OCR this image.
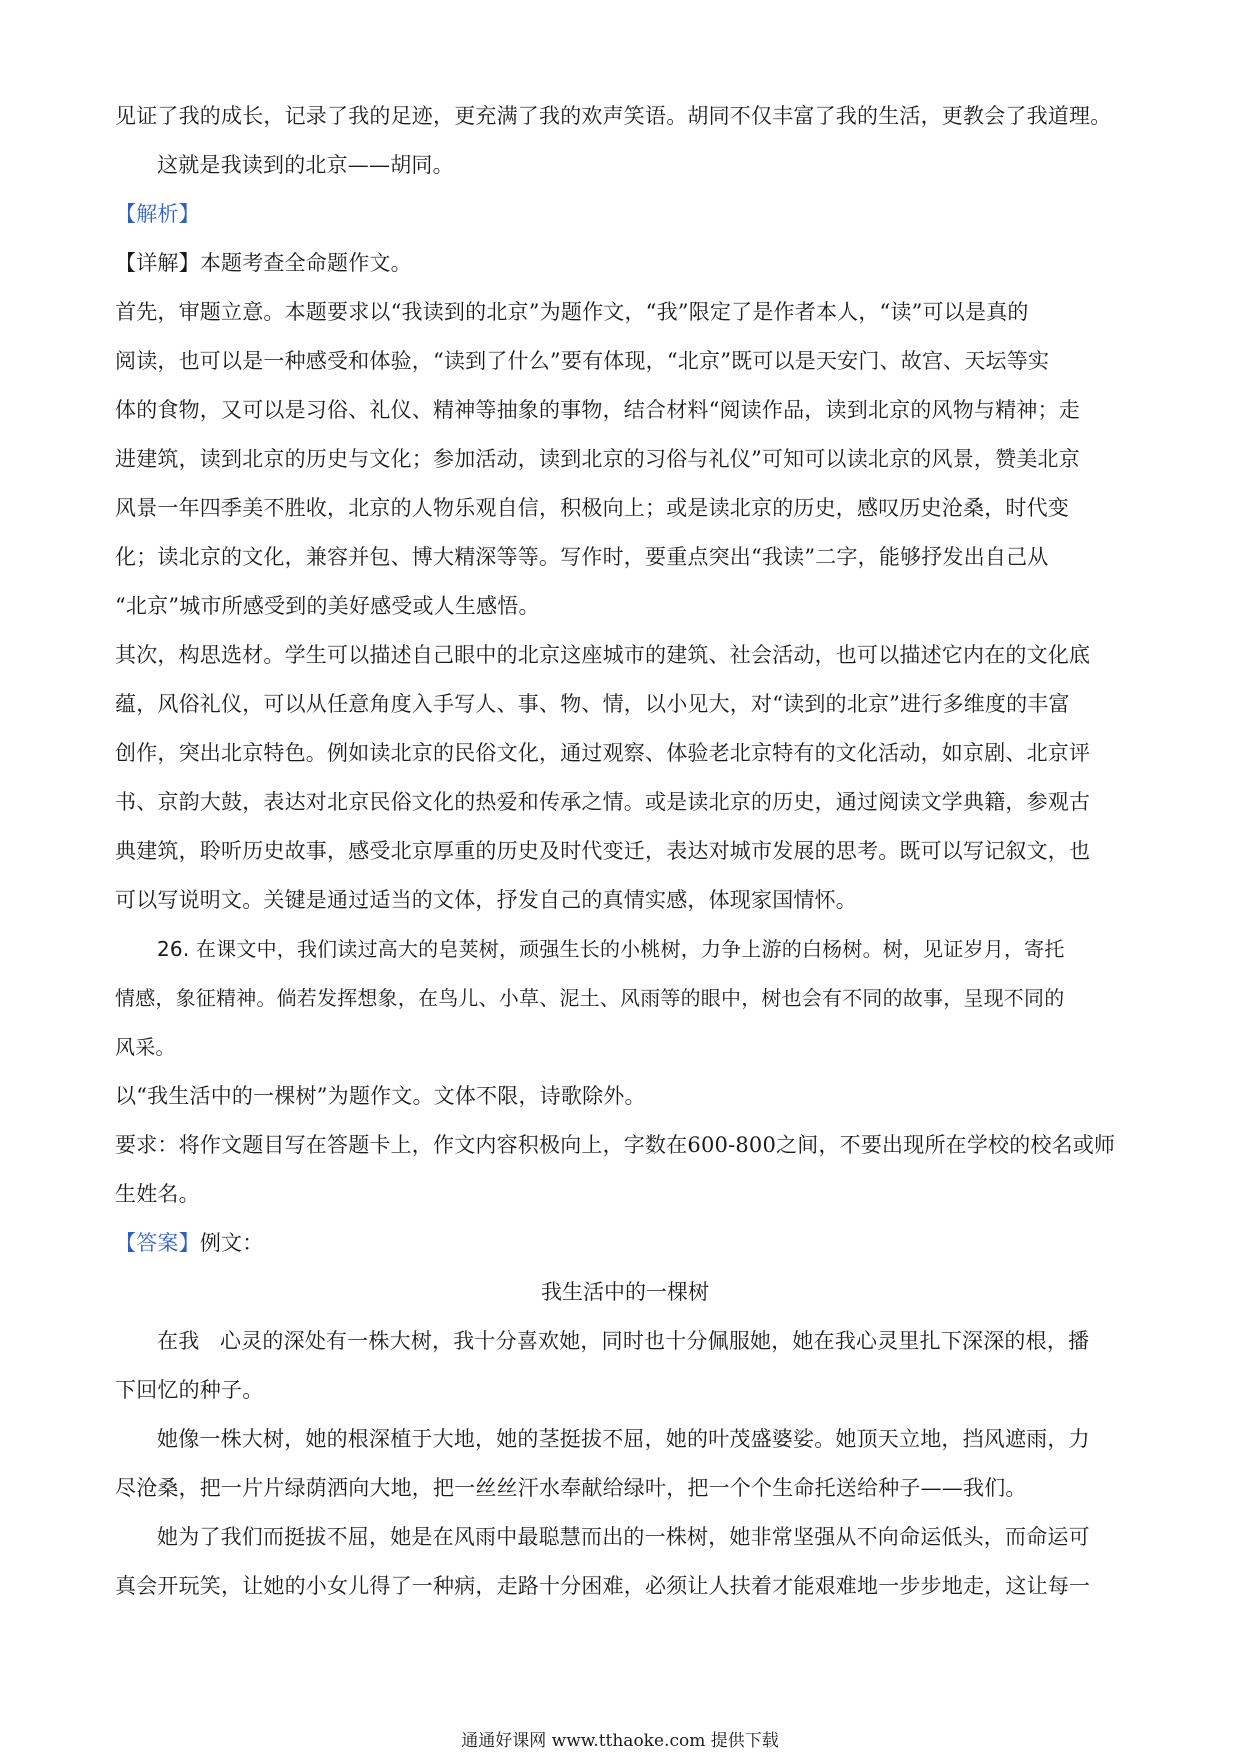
见证了我的成长，记录了我的足迹，更充满了我的欢声笑语。胡同不仅丰富了我的生活，更教会了我道理。
这就是我读到的北京——胡同。
【解析】
【详解】本题考查全命题作文。
首先，审题立意。本题要求以“我读到的北京”为题作文，“我”限定了是作者本人，“读”可以是真的
阅读，也可以是一种感受和体验，“读到了什么”要有体现，“北京”既可以是天安门、故宫、天坛等实
体的食物，又可以是习俗、礼仪、精神等抽象的事物，结合材料“阅读作品，读到北京的风物与精神；走
进建筑，读到北京的历史与文化；参加活动，读到北京的习俗与礼仪”可知可以读北京的风景，赞美北京
风景一年四季美不胜收，北京的人物乐观自信，积极向上；或是读北京的历史，感叹历史沧桑，时代变
化；读北京的文化，兼容并包、博大精深等等。写作时，要重点突出“我读”二字，能够抒发出自己从
“北京”城市所感受到的美好感受或人生感悟。
其次，构思选材。学生可以描述自己眼中的北京这座城市的建筑、社会活动，也可以描述它内在的文化底
蕴，风俗礼仪，可以从任意角度入手写人、事、物、情，以小见大，对“读到的北京”进行多维度的丰富
创作，突出北京特色。例如读北京的民俗文化，通过观察、体验老北京特有的文化活动，如京剧、北京评
书、京韵大鼓，表达对北京民俗文化的热爱和传承之情。或是读北京的历史，通过阅读文学典籍，参观古
典建筑，聆听历史故事，感受北京厚重的历史及时代变迁，表达对城市发展的思考。既可以写记叙文，也
可以写说明文。关键是通过适当的文体，抒发自己的真情实感，体现家国情怀。
26. 在课文中，我们读过高大的皂荚树，顽强生长的小桃树，力争上游的白杨树。树，见证岁月，寄托
情感，象征精神。倘若发挥想象，在鸟儿、小草、泥土、风雨等的眼中，树也会有不同的故事，呈现不同的
风采。
以“我生活中的一棵树”为题作文。文体不限，诗歌除外。
要求：将作文题目写在答题卡上，作文内容积极向上，字数在600-800之间，不要出现所在学校的校名或师
生姓名。
【答案】例文：
我生活中的一棵树
在我   心灵的深处有一株大树，我十分喜欢她，同时也十分佩服她，她在我心灵里扎下深深的根，播
下回忆的种子。
她像一株大树，她的根深植于大地，她的茎挺拔不屈，她的叶茂盛婆娑。她顶天立地，挡风遮雨，力
尽沧桑，把一片片绿荫洒向大地，把一丝丝汗水奉献给绿叶，把一个个生命托送给种子——我们。
她为了我们而挺拔不屈，她是在风雨中最聪慧而出的一株树，她非常坚强从不向命运低头，而命运可
真会开玩笑，让她的小女儿得了一种病，走路十分困难，必须让人扶着才能艰难地一步步地走，这让每一
通通好课网 www.tthaoke.com 提供下载
